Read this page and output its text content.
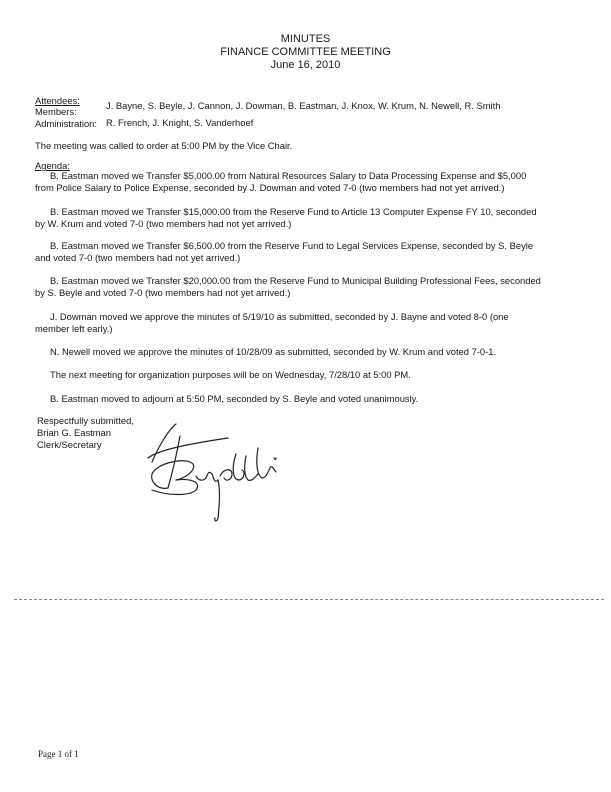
MINUTES
FINANCE COMMITTEE MEETING
June 16, 2010
Attendees:
Members:
J. Bayne, S. Beyle, J. Cannon, J. Dowman, B. Eastman, J. Knox, W. Krum, N. Newell, R. Smith
Administration: R. French, J. Knight, S. Vanderhoef
The meeting was called to order at 5:00 PM by the Vice Chair.
Agenda:
B. Eastman moved we Transfer $5,000.00 from Natural Resources Salary to Data Processing Expense and $5,000
from Police Salary to Police Expense, seconded by J. Dowman and voted 7-0 (two members had not yet arrived.)
B. Eastman moved we Transfer $15,000.00 from the Reserve Fund to Article 13 Computer Expense FY 10, seconded
by W. Krum and voted 7-0 (two members had not yet arrived.)
B. Eastman moved we Transfer $6,500.00 from the Reserve Fund to Legal Services Expense, seconded by S. Beyle
and voted 7-0 (two members had not yet arrived.)
B. Eastman moved we Transfer $20,000.00 from the Reserve Fund to Municipal Building Professional Fees, seconded
by S. Beyle and voted 7-0 (two members had not yet arrived.)
J. Dowman moved we approve the minutes of 5/19/10 as submitted, seconded by J. Bayne and voted 8-0 (one
member left early.)
N. Newell moved we approve the minutes of 10/28/09 as submitted, seconded by W. Krum and voted 7-0-1.
The next meeting for organization purposes will be on Wednesday, 7/28/10 at 5:00 PM.
B. Eastman moved to adjourn at 5:50 PM, seconded by S. Beyle and voted unanimously.
Respectfully submitted,
Brian G. Eastman
Clerk/Secretary
Page 1 of 1
